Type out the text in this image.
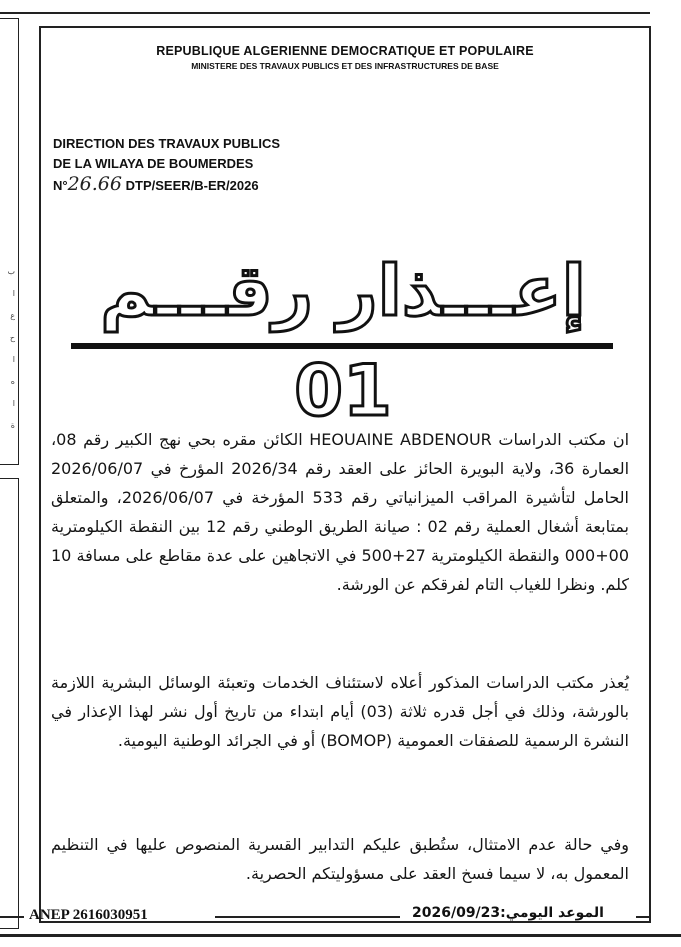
ب
ا
ع
ح
ا
ه
ا
ة
REPUBLIQUE ALGERIENNE DEMOCRATIQUE ET POPULAIRE
MINISTERE DES TRAVAUX PUBLICS ET DES INFRASTRUCTURES DE BASE
DIRECTION DES TRAVAUX PUBLICS
DE LA WILAYA DE BOUMERDES
N°26.66 DTP/SEER/B-ER/2026
إعـــذار رقـــم 01
ان مكتب الدراسات HEOUAINE ABDENOUR الكائن مقره بحي نهج الكبير رقم 08، العمارة 36، ولاية البويرة الحائز على العقد رقم 2026/34 المؤرخ في 2026/06/07 الحامل لتأشيرة المراقب الميزانياتي رقم 533 المؤرخة في 2026/06/07، والمتعلق بمتابعة أشغال العملية رقم 02 : صيانة الطريق الوطني رقم 12 بين النقطة الكيلومترية 00+000 والنقطة الكيلومترية 27+500 في الاتجاهين على عدة مقاطع على مسافة 10 كلم. ونظرا للغياب التام لفرقكم عن الورشة.
يُعذر مكتب الدراسات المذكور أعلاه لاستئناف الخدمات وتعبئة الوسائل البشرية اللازمة بالورشة، وذلك في أجل قدره ثلاثة (03) أيام ابتداء من تاريخ أول نشر لهذا الإعذار في النشرة الرسمية للصفقات العمومية (BOMOP) أو في الجرائد الوطنية اليومية.
وفي حالة عدم الامتثال، ستُطبق عليكم التدابير القسرية المنصوص عليها في التنظيم المعمول به، لا سيما فسخ العقد على مسؤوليتكم الحصرية.
ANEP 2616030951	الموعد اليومي:2026/09/23
